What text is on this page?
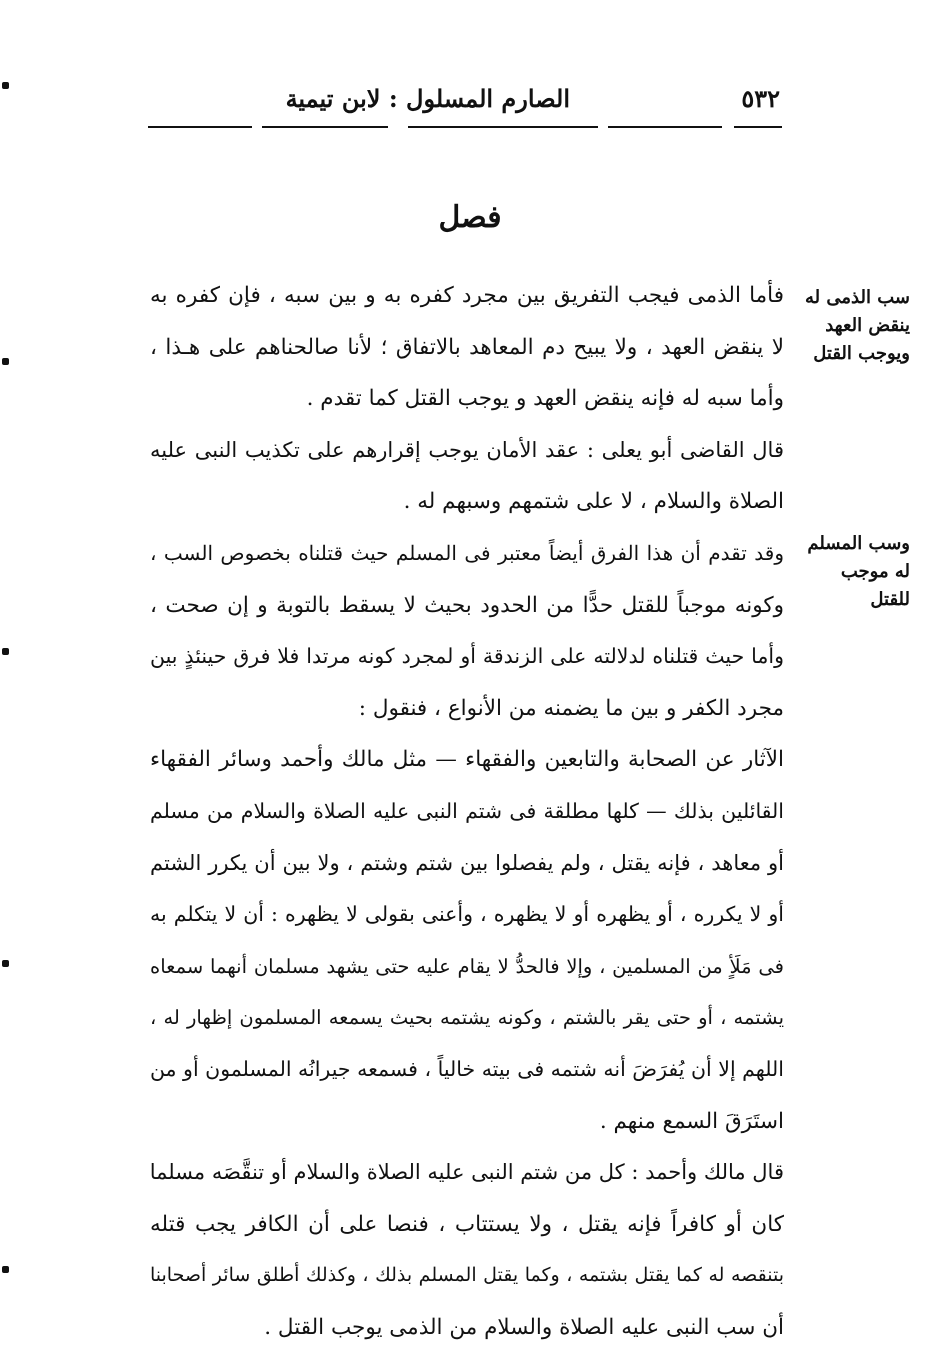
٥٣٢
الصارم المسلول : لابن تيمية
فصل
سب الذمى له ينقض العهد ويوجب القتل
وسب المسلم له موجب للقتل
فأما الذمى فيجب التفريق بين مجرد كفره به و بين سبه ، فإن كفره به
لا ينقض العهد ، ولا يبيح دم المعاهد بالاتفاق ؛ لأنا صالحناهم على هـذا ،
وأما سبه له فإنه ينقض العهد و يوجب القتل كما تقدم .
قال القاضى أبو يعلى : عقد الأمان يوجب إقرارهم على تكذيب النبى عليه
الصلاة والسلام ، لا على شتمهم وسبهم له .
وقد تقدم أن هذا الفرق أيضاً معتبر فى المسلم حيث قتلناه بخصوص السب ،
وكونه موجباً للقتل حدًّا من الحدود بحيث لا يسقط بالتوبة و إن صحت ،
وأما حيث قتلناه لدلالته على الزندقة أو لمجرد كونه مرتدا فلا فرق حينئذٍ بين
مجرد الكفر و بين ما يضمنه من الأنواع ، فنقول :
الآثار عن الصحابة والتابعين والفقهاء — مثل مالك وأحمد وسائر الفقهاء
القائلين بذلك — كلها مطلقة فى شتم النبى عليه الصلاة والسلام من مسلم
أو معاهد ، فإنه يقتل ، ولم يفصلوا بين شتم وشتم ، ولا بين أن يكرر الشتم
أو لا يكرره ، أو يظهره أو لا يظهره ، وأعنى بقولى لا يظهره : أن لا يتكلم به
فى مَلَأٍ من المسلمين ، وإلا فالحدُّ لا يقام عليه حتى يشهد مسلمان أنهما سمعاه
يشتمه ، أو حتى يقر بالشتم ، وكونه يشتمه بحيث يسمعه المسلمون إظهار له ،
اللهم إلا أن يُفرَضَ أنه شتمه فى بيته خالياً ، فسمعه جيرانُه المسلمون أو من
استَرَقَ السمع منهم .
قال مالك وأحمد : كل من شتم النبى عليه الصلاة والسلام أو تنقَّصَه مسلما
كان أو كافراً فإنه يقتل ، ولا يستتاب ، فنصا على أن الكافر يجب قتله
بتنقصه له كما يقتل بشتمه ، وكما يقتل المسلم بذلك ، وكذلك أطلق سائر أصحابنا
أن سب النبى عليه الصلاة والسلام من الذمى يوجب القتل .
